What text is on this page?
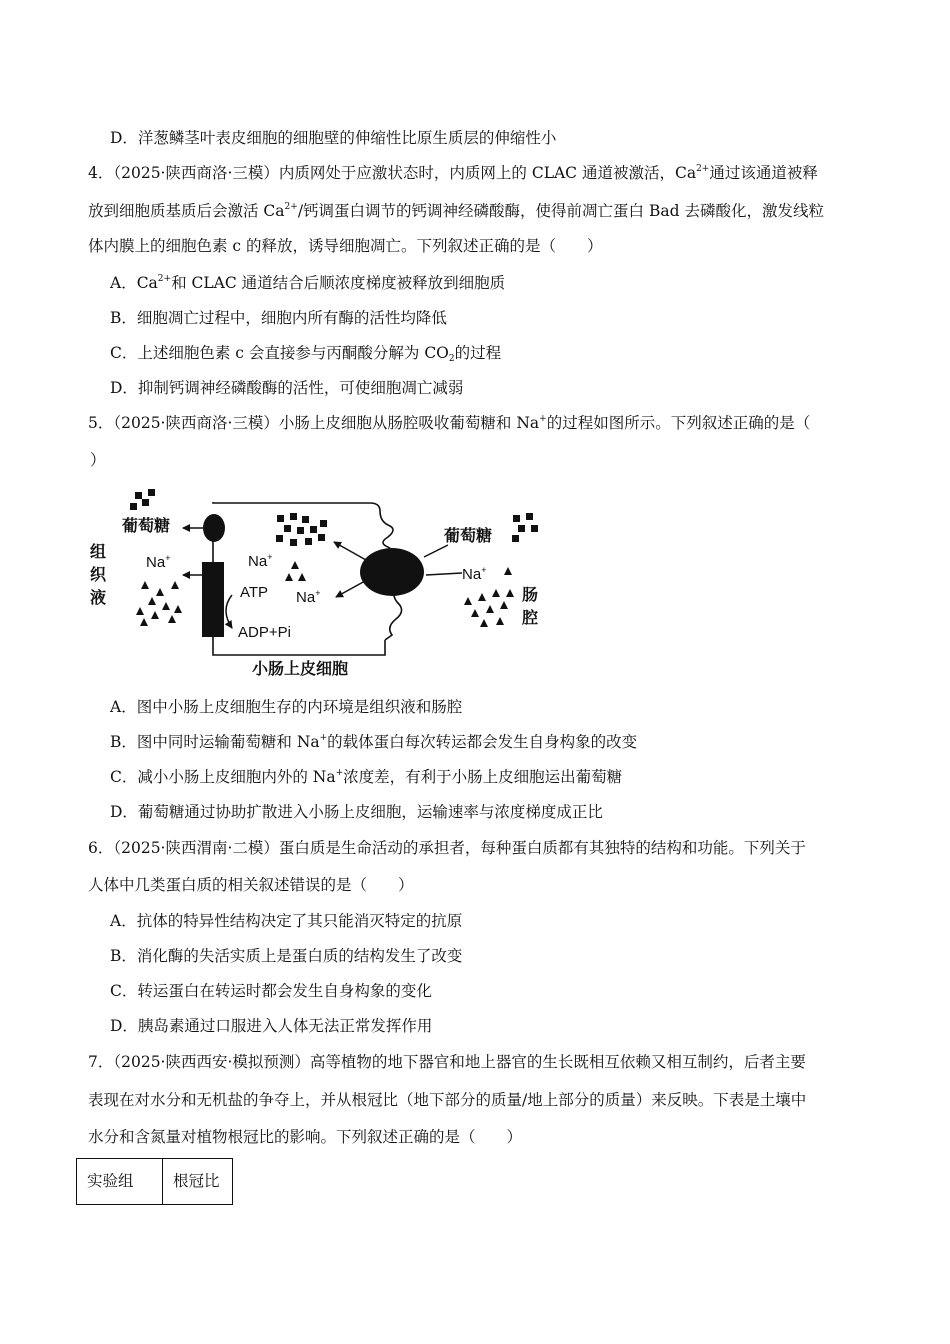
D．洋葱鳞茎叶表皮细胞的细胞壁的伸缩性比原生质层的伸缩性小
4．（2025·陕西商洛·三模）内质网处于应激状态时，内质网上的 CLAC 通道被激活，$Ca^{2+}$通过该通道被释
放到细胞质基质后会激活 $Ca^{2+}/$钙调蛋白调节的钙调神经磷酸酶，使得前凋亡蛋白 Bad 去磷酸化，激发线粒
体内膜上的细胞色素 c 的释放，诱导细胞凋亡。下列叙述正确的是（　　）
A．$Ca^{2+}$和 CLAC 通道结合后顺浓度梯度被释放到细胞质
B．细胞凋亡过程中，细胞内所有酶的活性均降低
C．上述细胞色素 c 会直接参与丙酮酸分解为 $CO_2$的过程
D．抑制钙调神经磷酸酶的活性，可使细胞凋亡减弱
5．（2025·陕西商洛·三模）小肠上皮细胞从肠腔吸收葡萄糖和 Na+的过程如图所示。下列叙述正确的是（
）
葡萄糖
葡萄糖
组
织
液
Na+	Na+
Na+
Na+
ATP
ADP+Pi
肠
腔
小肠上皮细胞
A．图中小肠上皮细胞生存的内环境是组织液和肠腔
B．图中同时运输葡萄糖和 Na+的载体蛋白每次转运都会发生自身构象的改变
C．减小小肠上皮细胞内外的 Na+浓度差，有利于小肠上皮细胞运出葡萄糖
D．葡萄糖通过协助扩散进入小肠上皮细胞，运输速率与浓度梯度成正比
6．（2025·陕西渭南·二模）蛋白质是生命活动的承担者，每种蛋白质都有其独特的结构和功能。下列关于
人体中几类蛋白质的相关叙述错误的是（　　）
A．抗体的特异性结构决定了其只能消灭特定的抗原
B．消化酶的失活实质上是蛋白质的结构发生了改变
C．转运蛋白在转运时都会发生自身构象的变化
D．胰岛素通过口服进入人体无法正常发挥作用
7．（2025·陕西西安·模拟预测）高等植物的地下器官和地上器官的生长既相互依赖又相互制约，后者主要
表现在对水分和无机盐的争夺上，并从根冠比（地下部分的质量/地上部分的质量）来反映。下表是土壤中
水分和含氮量对植物根冠比的影响。下列叙述正确的是（　　）
实验组	根冠比
